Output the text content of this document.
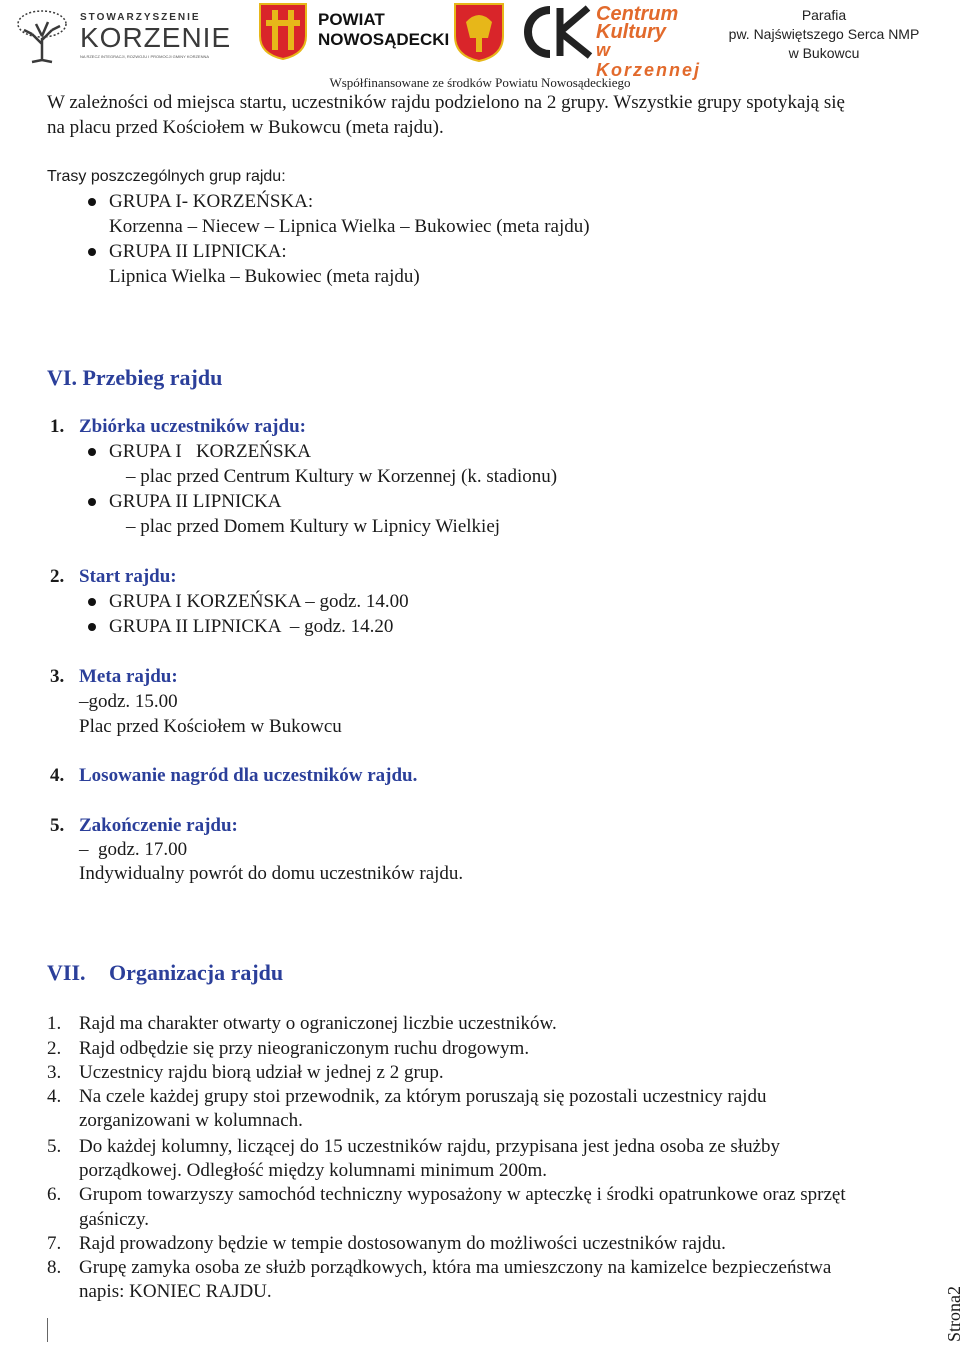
STOWARZYSZENIE
KORZENIE
NA RZECZ INTEGRACJI, ROZWOJU I PROMOCJI GMINY KORZENNA
POWIAT
NOWOSĄDECKI
Centrum
Kultury
w Korzennej
Parafia
pw. Najświętszego Serca NMP
w Bukowcu
Współfinansowane ze środków Powiatu Nowosądeckiego
W zależności od miejsca startu, uczestników rajdu podzielono na 2 grupy. Wszystkie grupy spotykają się
na placu przed Kościołem w Bukowcu (meta rajdu).
Trasy poszczególnych grup rajdu:
GRUPA I- KORZEŃSKA:
Korzenna – Niecew – Lipnica Wielka – Bukowiec (meta rajdu)
GRUPA II LIPNICKA:
Lipnica Wielka – Bukowiec (meta rajdu)
VI. Przebieg rajdu
1. Zbiórka uczestników rajdu:
GRUPA I   KORZEŃSKA
– plac przed Centrum Kultury w Korzennej (k. stadionu)
GRUPA II LIPNICKA
– plac przed Domem Kultury w Lipnicy Wielkiej
2. Start rajdu:
GRUPA I KORZEŃSKA – godz. 14.00
GRUPA II LIPNICKA  – godz. 14.20
3. Meta rajdu:
–godz. 15.00
Plac przed Kościołem w Bukowcu
4. Losowanie nagród dla uczestników rajdu.
5. Zakończenie rajdu:
–  godz. 17.00
Indywidualny powrót do domu uczestników rajdu.
VII. Organizacja rajdu
1. Rajd ma charakter otwarty o ograniczonej liczbie uczestników.
2. Rajd odbędzie się przy nieograniczonym ruchu drogowym.
3. Uczestnicy rajdu biorą udział w jednej z 2 grup.
4. Na czele każdej grupy stoi przewodnik, za którym poruszają się pozostali uczestnicy rajdu
zorganizowani w kolumnach.
5. Do każdej kolumny, liczącej do 15 uczestników rajdu, przypisana jest jedna osoba ze służby
porządkowej. Odległość między kolumnami minimum 200m.
6. Grupom towarzyszy samochód techniczny wyposażony w apteczkę i środki opatrunkowe oraz sprzęt
gaśniczy.
7. Rajd prowadzony będzie w tempie dostosowanym do możliwości uczestników rajdu.
8. Grupę zamyka osoba ze służb porządkowych, która ma umieszczony na kamizelce bezpieczeństwa
napis: KONIEC RAJDU.	Strona2
